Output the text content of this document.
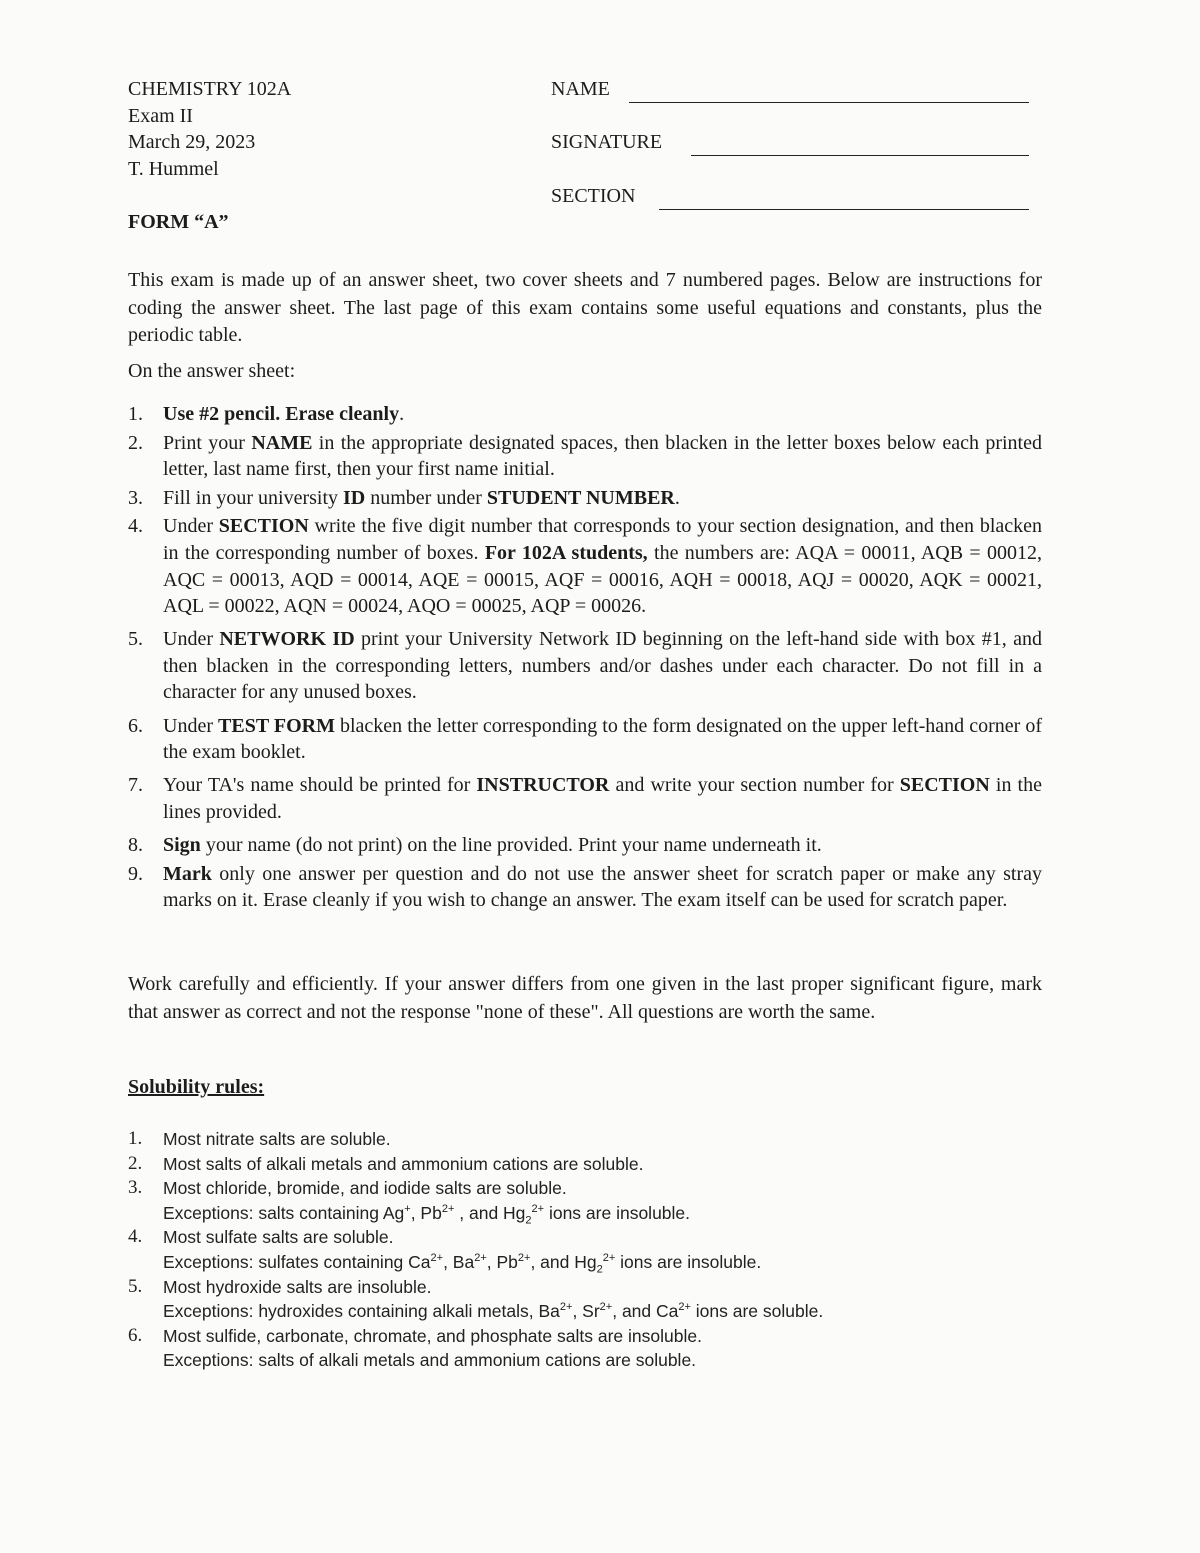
CHEMISTRY 102A
Exam II
March 29, 2023
T. Hummel
FORM “A”
NAME
SIGNATURE
SECTION
This exam is made up of an answer sheet, two cover sheets and 7 numbered pages. Below are instructions for coding the answer sheet. The last page of this exam contains some useful equations and constants, plus the periodic table.
On the answer sheet:
1. Use #2 pencil. Erase cleanly.
2. Print your NAME in the appropriate designated spaces, then blacken in the letter boxes below each printed letter, last name first, then your first name initial.
3. Fill in your university ID number under STUDENT NUMBER.
4. Under SECTION write the five digit number that corresponds to your section designation, and then blacken in the corresponding number of boxes. For 102A students, the numbers are: AQA = 00011, AQB = 00012, AQC = 00013, AQD = 00014, AQE = 00015, AQF = 00016, AQH = 00018, AQJ = 00020, AQK = 00021, AQL = 00022, AQN = 00024, AQO = 00025, AQP = 00026.
5. Under NETWORK ID print your University Network ID beginning on the left-hand side with box #1, and then blacken in the corresponding letters, numbers and/or dashes under each character. Do not fill in a character for any unused boxes.
6. Under TEST FORM blacken the letter corresponding to the form designated on the upper left-hand corner of the exam booklet.
7. Your TA's name should be printed for INSTRUCTOR and write your section number for SECTION in the lines provided.
8. Sign your name (do not print) on the line provided. Print your name underneath it.
9. Mark only one answer per question and do not use the answer sheet for scratch paper or make any stray marks on it. Erase cleanly if you wish to change an answer. The exam itself can be used for scratch paper.
Work carefully and efficiently. If your answer differs from one given in the last proper significant figure, mark that answer as correct and not the response "none of these". All questions are worth the same.
Solubility rules:
1. Most nitrate salts are soluble.
2. Most salts of alkali metals and ammonium cations are soluble.
3. Most chloride, bromide, and iodide salts are soluble.
Exceptions: salts containing Ag+, $Pb^{2+}$ , and $Hg_2^{2+}$ ions are insoluble.
4. Most sulfate salts are soluble.
Exceptions: sulfates containing $Ca^{2+}$, $Ba^{2+}$, $Pb^{2+}$, and $Hg_2^{2+}$ ions are insoluble.
5. Most hydroxide salts are insoluble.
Exceptions: hydroxides containing alkali metals, $Ba^{2+}$, $Sr^{2+}$, and $Ca^{2+}$ ions are soluble.
6. Most sulfide, carbonate, chromate, and phosphate salts are insoluble.
Exceptions: salts of alkali metals and ammonium cations are soluble.
